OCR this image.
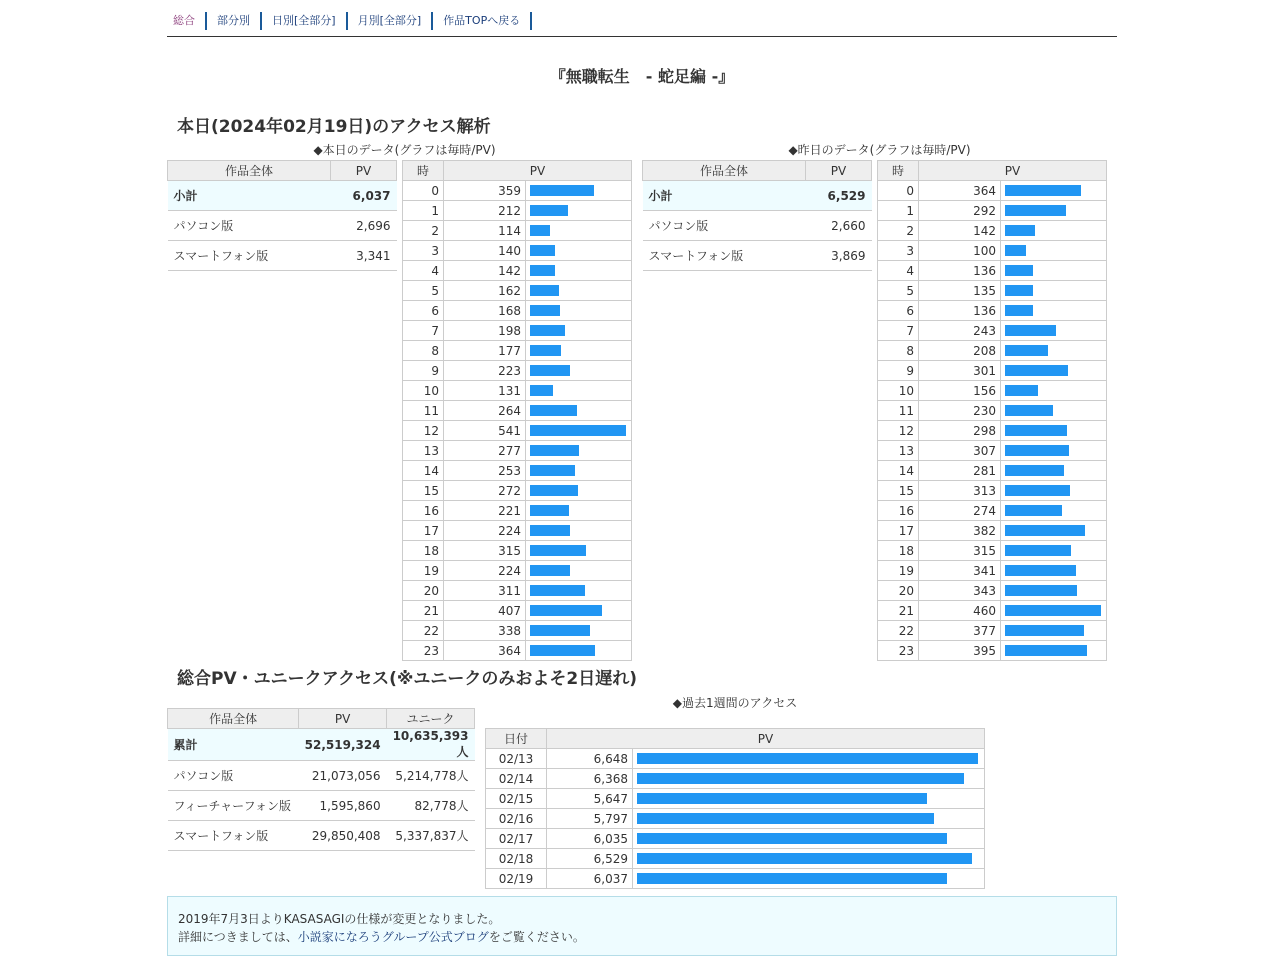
総合 部分別 日別[全部分] 月別[全部分] 作品TOPへ戻る
『無職転生　- 蛇足編 -』
本日(2024年02月19日)のアクセス解析
◆本日のデータ(グラフは毎時/PV)	◆昨日のデータ(グラフは毎時/PV)
作品全体	PV
小計	6,037
パソコン版	2,696
スマートフォン版	3,341
時	PV	
0	359	

1	212	

2	114	

3	140	

4	142	

5	162	

6	168	

7	198	

8	177	

9	223	

10	131	

11	264	

12	541	

13	277	

14	253	

15	272	

16	221	

17	224	

18	315	

19	224	

20	311	

21	407	

22	338	

23	364	
作品全体	PV
小計	6,529
パソコン版	2,660
スマートフォン版	3,869
時	PV	
0	364	

1	292	

2	142	

3	100	

4	136	

5	135	

6	136	

7	243	

8	208	

9	301	

10	156	

11	230	

12	298	

13	307	

14	281	

15	313	

16	274	

17	382	

18	315	

19	341	

20	343	

21	460	

22	377	

23	395	
総合PV・ユニークアクセス(※ユニークのみおよそ2日遅れ)
◆過去1週間のアクセス
作品全体	PV	ユニーク
累計	52,519,324	10,635,393人
パソコン版	21,073,056	5,214,778人
フィーチャーフォン版	1,595,860	82,778人
スマートフォン版	29,850,408	5,337,837人
日付	PV	
02/13	6,648	

02/14	6,368	

02/15	5,647	

02/16	5,797	

02/17	6,035	

02/18	6,529	

02/19	6,037	
2019年7月3日よりKASASAGIの仕様が変更となりました。
詳細につきましては、小説家になろうグループ公式ブログをご覧ください。
